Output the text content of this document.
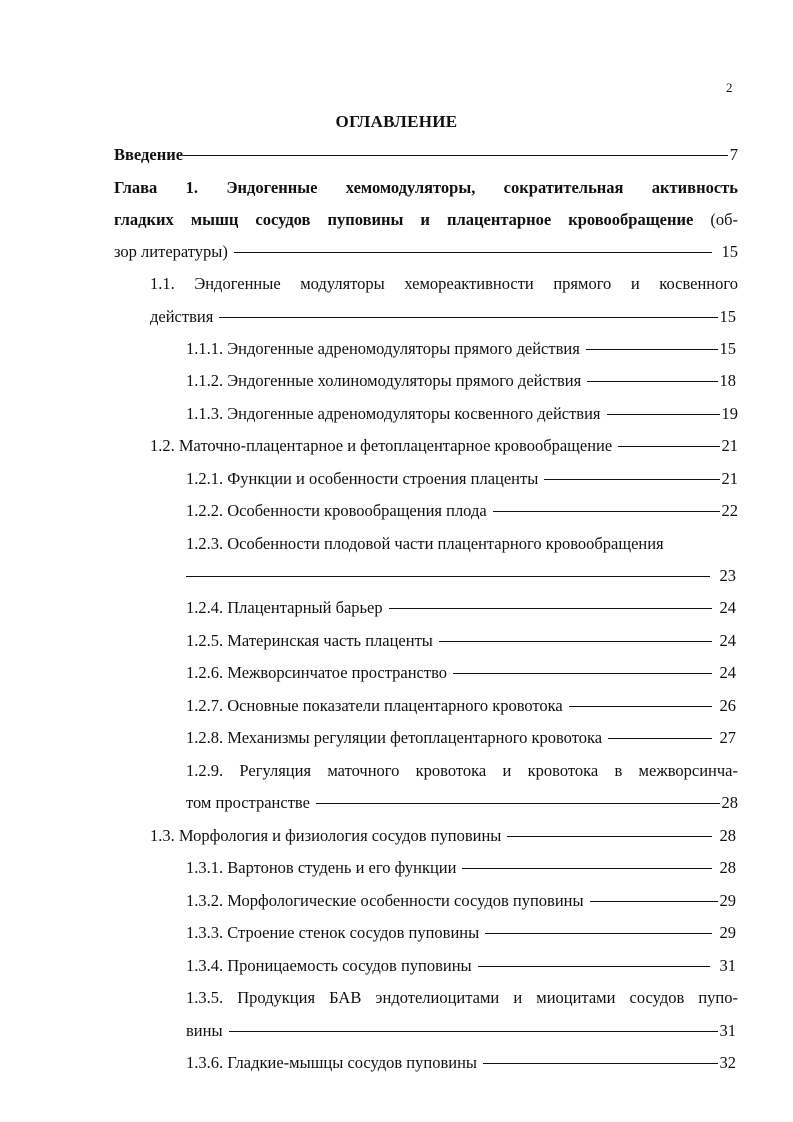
2
ОГЛАВЛЕНИЕ
Введение	7
Глава 1. Эндогенные хемомодуляторы, сократительная активность
гладких мышц сосудов пуповины и плацентарное кровообращение (об-
зор литературы)	15
1.1. Эндогенные модуляторы хемореактивности прямого и косвенного
действия	15
1.1.1. Эндогенные адреномодуляторы прямого действия	15
1.1.2. Эндогенные холиномодуляторы прямого действия	18
1.1.3. Эндогенные адреномодуляторы косвенного действия	19
1.2. Маточно-плацентарное и фетоплацентарное кровообращение	21
1.2.1. Функции и особенности строения плаценты	21
1.2.2. Особенности кровообращения плода	22
1.2.3. Особенности плодовой части плацентарного кровообращения
23
1.2.4. Плацентарный барьер	24
1.2.5. Материнская часть плаценты	24
1.2.6. Межворсинчатое пространство	24
1.2.7. Основные показатели плацентарного кровотока	26
1.2.8. Механизмы регуляции фетоплацентарного кровотока	27
1.2.9. Регуляция маточного кровотока и кровотока в межворсинча-
том пространстве	28
1.3. Морфология и физиология сосудов пуповины	28
1.3.1. Вартонов студень и его функции	28
1.3.2. Морфологические особенности сосудов пуповины	29
1.3.3. Строение стенок сосудов пуповины	29
1.3.4. Проницаемость сосудов пуповины	31
1.3.5. Продукция БАВ эндотелиоцитами и миоцитами сосудов пупо-
вины	31
1.3.6. Гладкие-мышцы сосудов пуповины	32
